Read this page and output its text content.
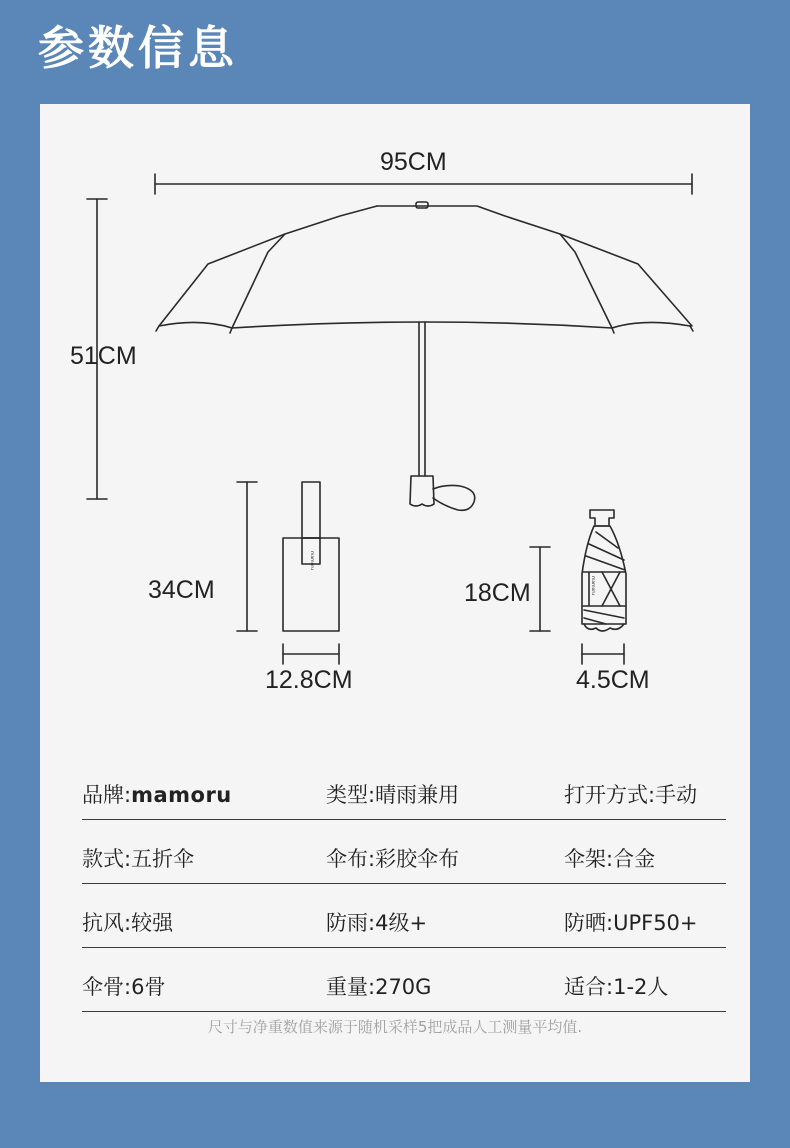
参数信息
mamoru
mamoru
95CM
51CM
34CM
12.8CM
18CM
4.5CM
品牌:mamoru	类型:晴雨兼用	打开方式:手动
款式:五折伞	伞布:彩胶伞布	伞架:合金
抗风:较强	防雨:4级+	防晒:UPF50+
伞骨:6骨	重量:270G	适合:1-2人
尺寸与净重数值来源于随机采样5把成品人工测量平均值.
